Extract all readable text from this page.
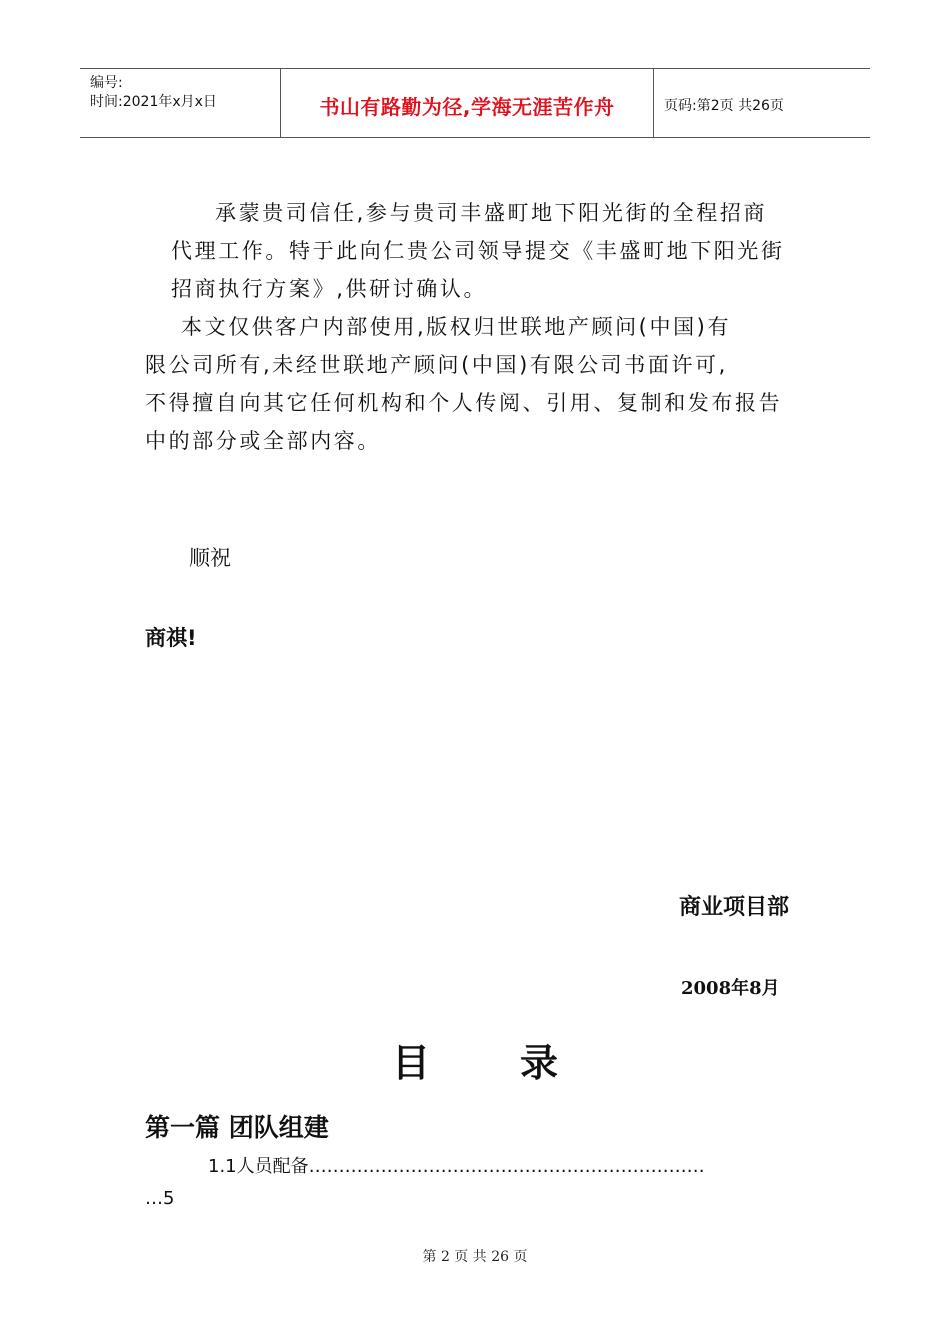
编号:
时间:2021年x月x日	书山有路勤为径,学海无涯苦作舟	页码:第2页 共26页
承蒙贵司信任,参与贵司丰盛町地下阳光街的全程招商
代理工作。特于此向仁贵公司领导提交《丰盛町地下阳光街
招商执行方案》,供研讨确认。
本文仅供客户内部使用,版权归世联地产顾问(中国)有
限公司所有,未经世联地产顾问(中国)有限公司书面许可,
不得擅自向其它任何机构和个人传阅、引用、复制和发布报告
中的部分或全部内容。
顺祝
商祺!
商业项目部
2008年8月
目 录
第一篇 团队组建
1.1人员配备…………………………………………………………
…5
第 2 页 共 26 页
